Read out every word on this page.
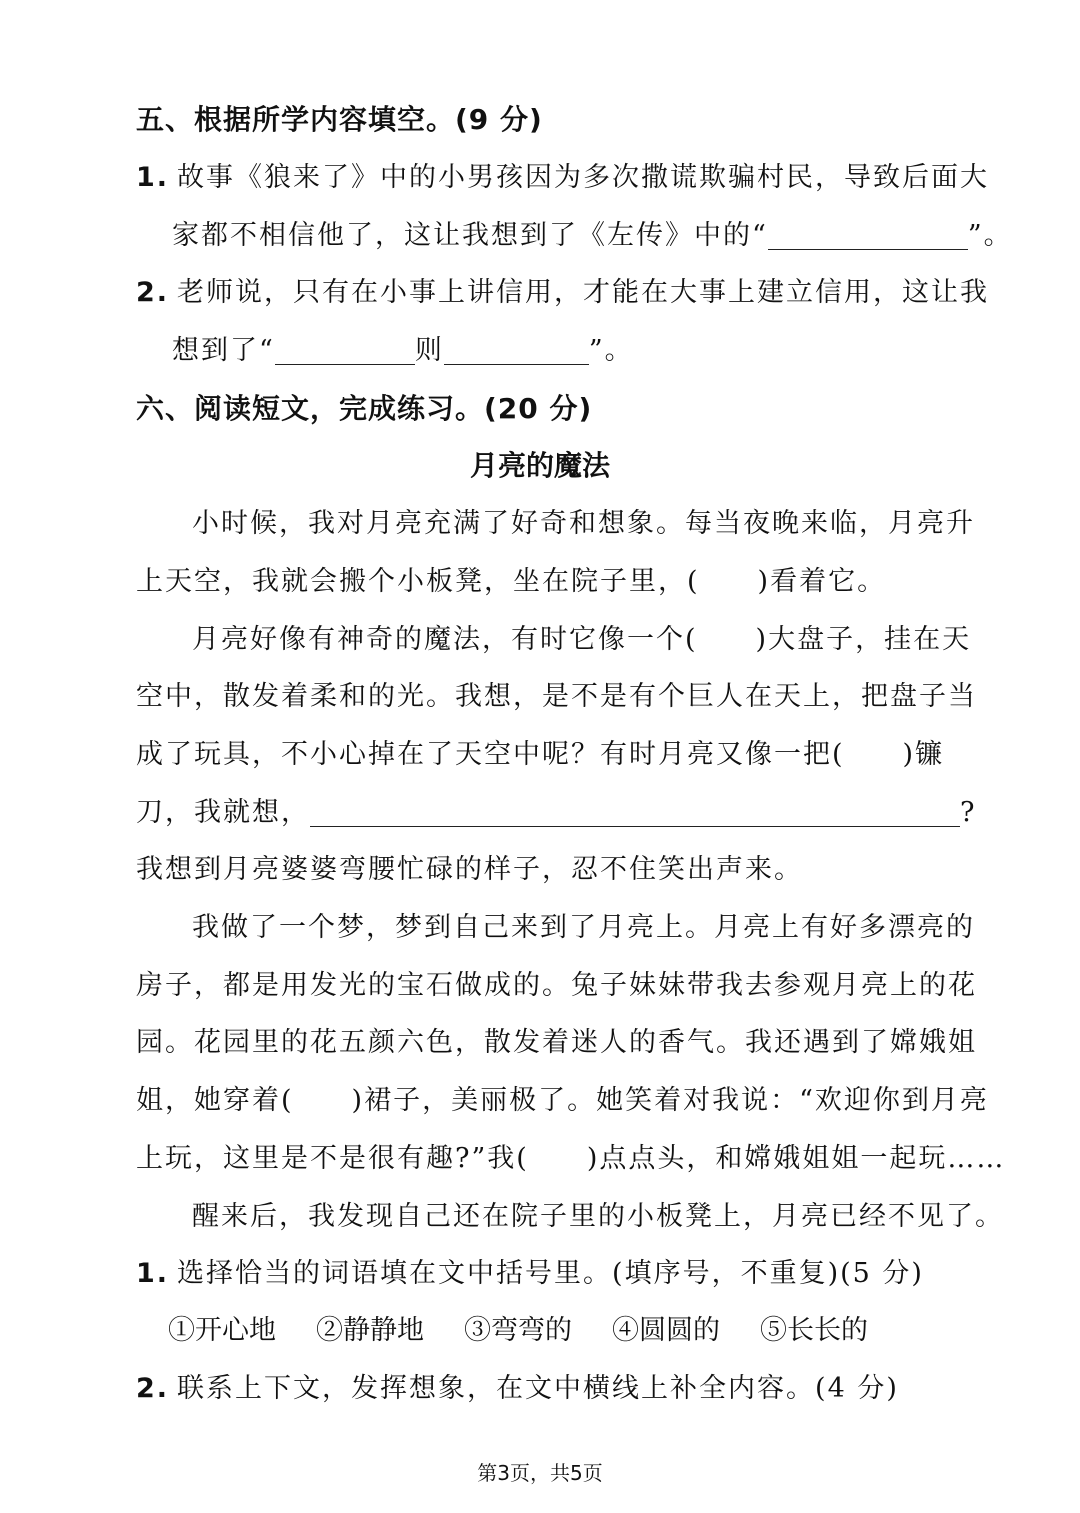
五、根据所学内容填空。(9 分)
1. 故事《狼来了》中的小男孩因为多次撒谎欺骗村民，导致后面大
家都不相信他了，这让我想到了《左传》中的“	”。
2. 老师说，只有在小事上讲信用，才能在大事上建立信用，这让我
想到了“	则	”。
六、阅读短文，完成练习。(20 分)
月亮的魔法
小时候，我对月亮充满了好奇和想象。每当夜晚来临，月亮升
上天空，我就会搬个小板凳，坐在院子里，( )看着它。
月亮好像有神奇的魔法，有时它像一个( )大盘子，挂在天
空中，散发着柔和的光。我想，是不是有个巨人在天上，把盘子当
成了玩具，不小心掉在了天空中呢？有时月亮又像一把( )镰
刀，我就想，	?
我想到月亮婆婆弯腰忙碌的样子，忍不住笑出声来。
我做了一个梦，梦到自己来到了月亮上。月亮上有好多漂亮的
房子，都是用发光的宝石做成的。兔子妹妹带我去参观月亮上的花
园。花园里的花五颜六色，散发着迷人的香气。我还遇到了嫦娥姐
姐，她穿着( )裙子，美丽极了。她笑着对我说：“欢迎你到月亮
上玩，这里是不是很有趣?”我( )点点头，和嫦娥姐姐一起玩……
醒来后，我发现自己还在院子里的小板凳上，月亮已经不见了。
1. 选择恰当的词语填在文中括号里。(填序号，不重复)(5 分)
①开心地 ②静静地 ③弯弯的 ④圆圆的 ⑤长长的
2. 联系上下文，发挥想象，在文中横线上补全内容。(4 分)
第3页，共5页
